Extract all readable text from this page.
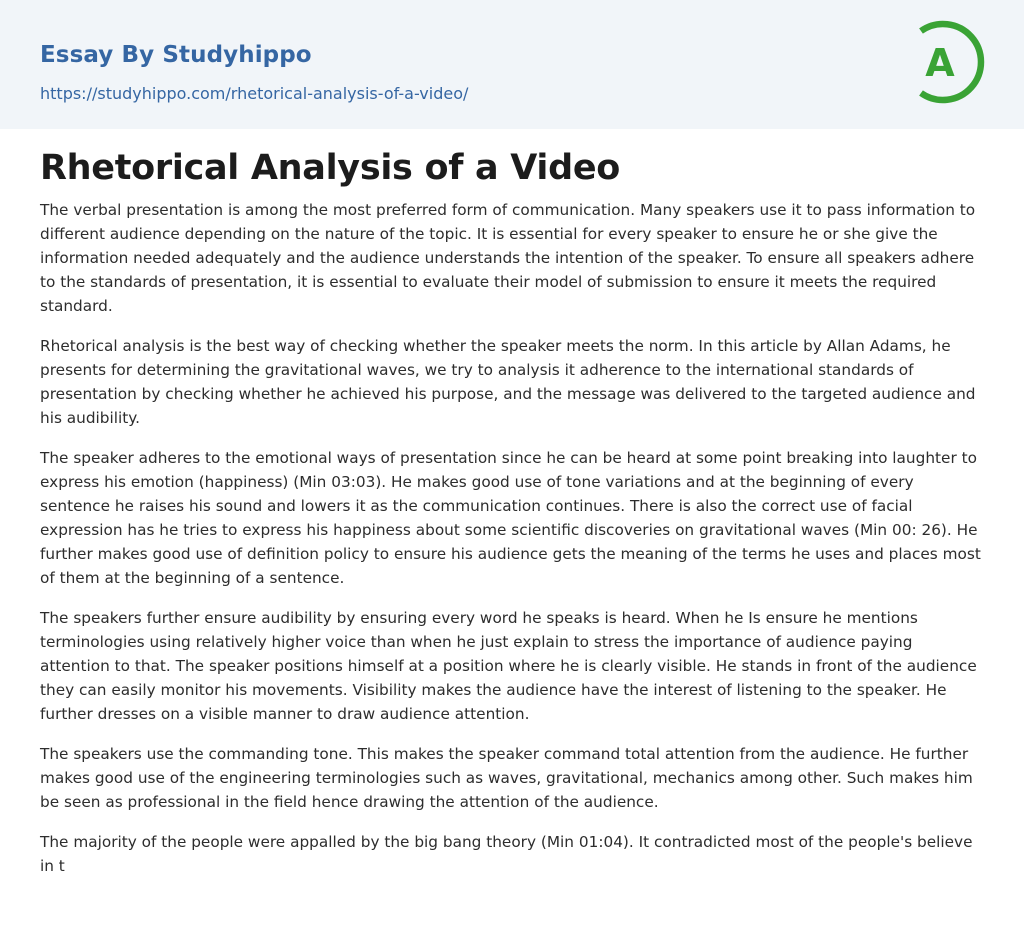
Essay By Studyhippo
https://studyhippo.com/rhetorical-analysis-of-a-video/
A
Rhetorical Analysis of a Video

The verbal presentation is among the most preferred form of communication. Many speakers use it to pass information to different audience depending on the nature of the topic. It is essential for every speaker to ensure he or she give the information needed adequately and the audience understands the intention of the speaker. To ensure all speakers adhere to the standards of presentation, it is essential to evaluate their model of submission to ensure it meets the required standard.

Rhetorical analysis is the best way of checking whether the speaker meets the norm. In this article by Allan Adams, he presents for determining the gravitational waves, we try to analysis it adherence to the international standards of presentation by checking whether he achieved his purpose, and the message was delivered to the targeted audience and his audibility.

The speaker adheres to the emotional ways of presentation since he can be heard at some point breaking into laughter to express his emotion (happiness) (Min 03:03). He makes good use of tone variations and at the beginning of every sentence he raises his sound and lowers it as the communication continues. There is also the correct use of facial expression has he tries to express his happiness about some scientific discoveries on gravitational waves (Min 00: 26). He further makes good use of definition policy to ensure his audience gets the meaning of the terms he uses and places most of them at the beginning of a sentence.

The speakers further ensure audibility by ensuring every word he speaks is heard. When he Is ensure he mentions terminologies using relatively higher voice than when he just explain to stress the importance of audience paying attention to that. The speaker positions himself at a position where he is clearly visible. He stands in front of the audience they can easily monitor his movements. Visibility makes the audience have the interest of listening to the speaker. He further dresses on a visible manner to draw audience attention.

The speakers use the commanding tone. This makes the speaker command total attention from the audience. He further makes good use of the engineering terminologies such as waves, gravitational, mechanics among other. Such makes him be seen as professional in the field hence drawing the attention of the audience.

The majority of the people were appalled by the big bang theory (Min 01:04). It contradicted most of the people's believe in t
